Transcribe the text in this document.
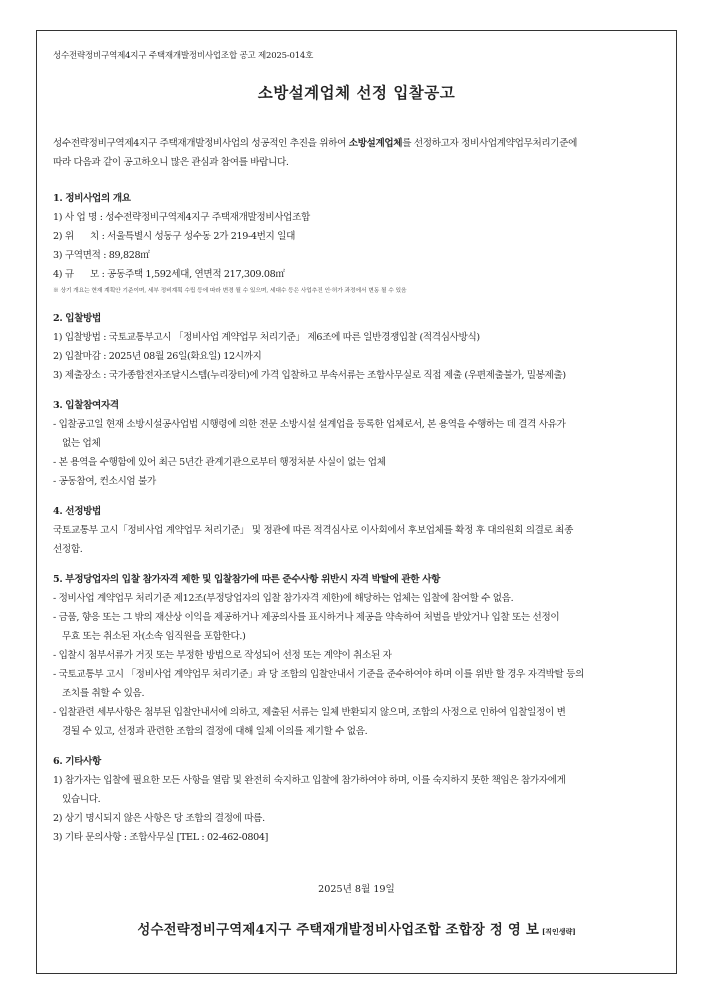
성수전략정비구역제4지구 주택재개발정비사업조합 공고 제2025-014호
소방설계업체 선정 입찰공고
성수전략정비구역제4지구 주택재개발정비사업의 성공적인 추진을 위하여 소방설계업체를 선정하고자 정비사업계약업무처리기준에
따라 다음과 같이 공고하오니 많은 관심과 참여를 바랍니다.
1. 정비사업의 개요
1) 사 업 명 : 성수전략정비구역제4지구 주택재개발정비사업조합
2) 위      치 : 서울특별시 성동구 성수동 2가 219-4번지 일대
3) 구역면적 : 89,828㎡
4) 규      모 : 공동주택 1,592세대, 연면적 217,309.08㎡
※ 상기 개요는 현재 계획안 기준이며, 세부 정비계획 수립 등에 따라 변경 될 수 있으며, 세대수 등은 사업추진 인·허가 과정에서 변동 될 수 있음
2. 입찰방법
1) 입찰방법 : 국토교통부고시 「정비사업 계약업무 처리기준」 제6조에 따른 일반경쟁입찰 (적격심사방식)
2) 입찰마감 : 2025년 08월 26일(화요일) 12시까지
3) 제출장소 : 국가종합전자조달시스템(누리장터)에 가격 입찰하고 부속서류는 조합사무실로 직접 제출 (우편제출불가, 밀봉제출)
3. 입찰참여자격
- 입찰공고일 현재 소방시설공사업법 시행령에 의한 전문 소방시설 설계업을 등록한 업체로서, 본 용역을 수행하는 데 결격 사유가
없는 업체
- 본 용역을 수행함에 있어 최근 5년간 관계기관으로부터 행정처분 사실이 없는 업체
- 공동참여, 컨소시엄 불가
4. 선정방법
국토교통부 고시「정비사업 계약업무 처리기준」 및 정관에 따른 적격심사로 이사회에서 후보업체를 확정 후 대의원회 의결로 최종
선정함.
5. 부정당업자의 입찰 참가자격 제한 및 입찰참가에 따른 준수사항 위반시 자격 박탈에 관한 사항
- 정비사업 계약업무 처리기준 제12조(부정당업자의 입찰 참가자격 제한)에 해당하는 업체는 입찰에 참여할 수 없음.
- 금품, 향응 또는 그 밖의 재산상 이익을 제공하거나 제공의사를 표시하거나 제공을 약속하여 처벌을 받았거나 입찰 또는 선정이
무효 또는 취소된 자(소속 임직원을 포함한다.)
- 입찰시 첨부서류가 거짓 또는 부정한 방법으로 작성되어 선정 또는 계약이 취소된 자
- 국토교통부 고시 「정비사업 계약업무 처리기준」과 당 조합의 입찰안내서 기준을 준수하여야 하며 이를 위반 할 경우 자격박탈 등의
조치를 취할 수 있음.
- 입찰관련 세부사항은 첨부된 입찰안내서에 의하고, 제출된 서류는 일체 반환되지 않으며, 조합의 사정으로 인하여 입찰일정이 변
경될 수 있고, 선정과 관련한 조합의 결정에 대해 일체 이의를 제기할 수 없음.
6. 기타사항
1) 참가자는 입찰에 필요한 모든 사항을 열람 및 완전히 숙지하고 입찰에 참가하여야 하며, 이를 숙지하지 못한 책임은 참가자에게
있습니다.
2) 상기 명시되지 않은 사항은 당 조합의 결정에 따름.
3) 기타 문의사항 : 조합사무실 [TEL : 02-462-0804]
2025년 8월 19일
성수전략정비구역제4지구 주택재개발정비사업조합 조합장 정 영 보 [직인생략]
